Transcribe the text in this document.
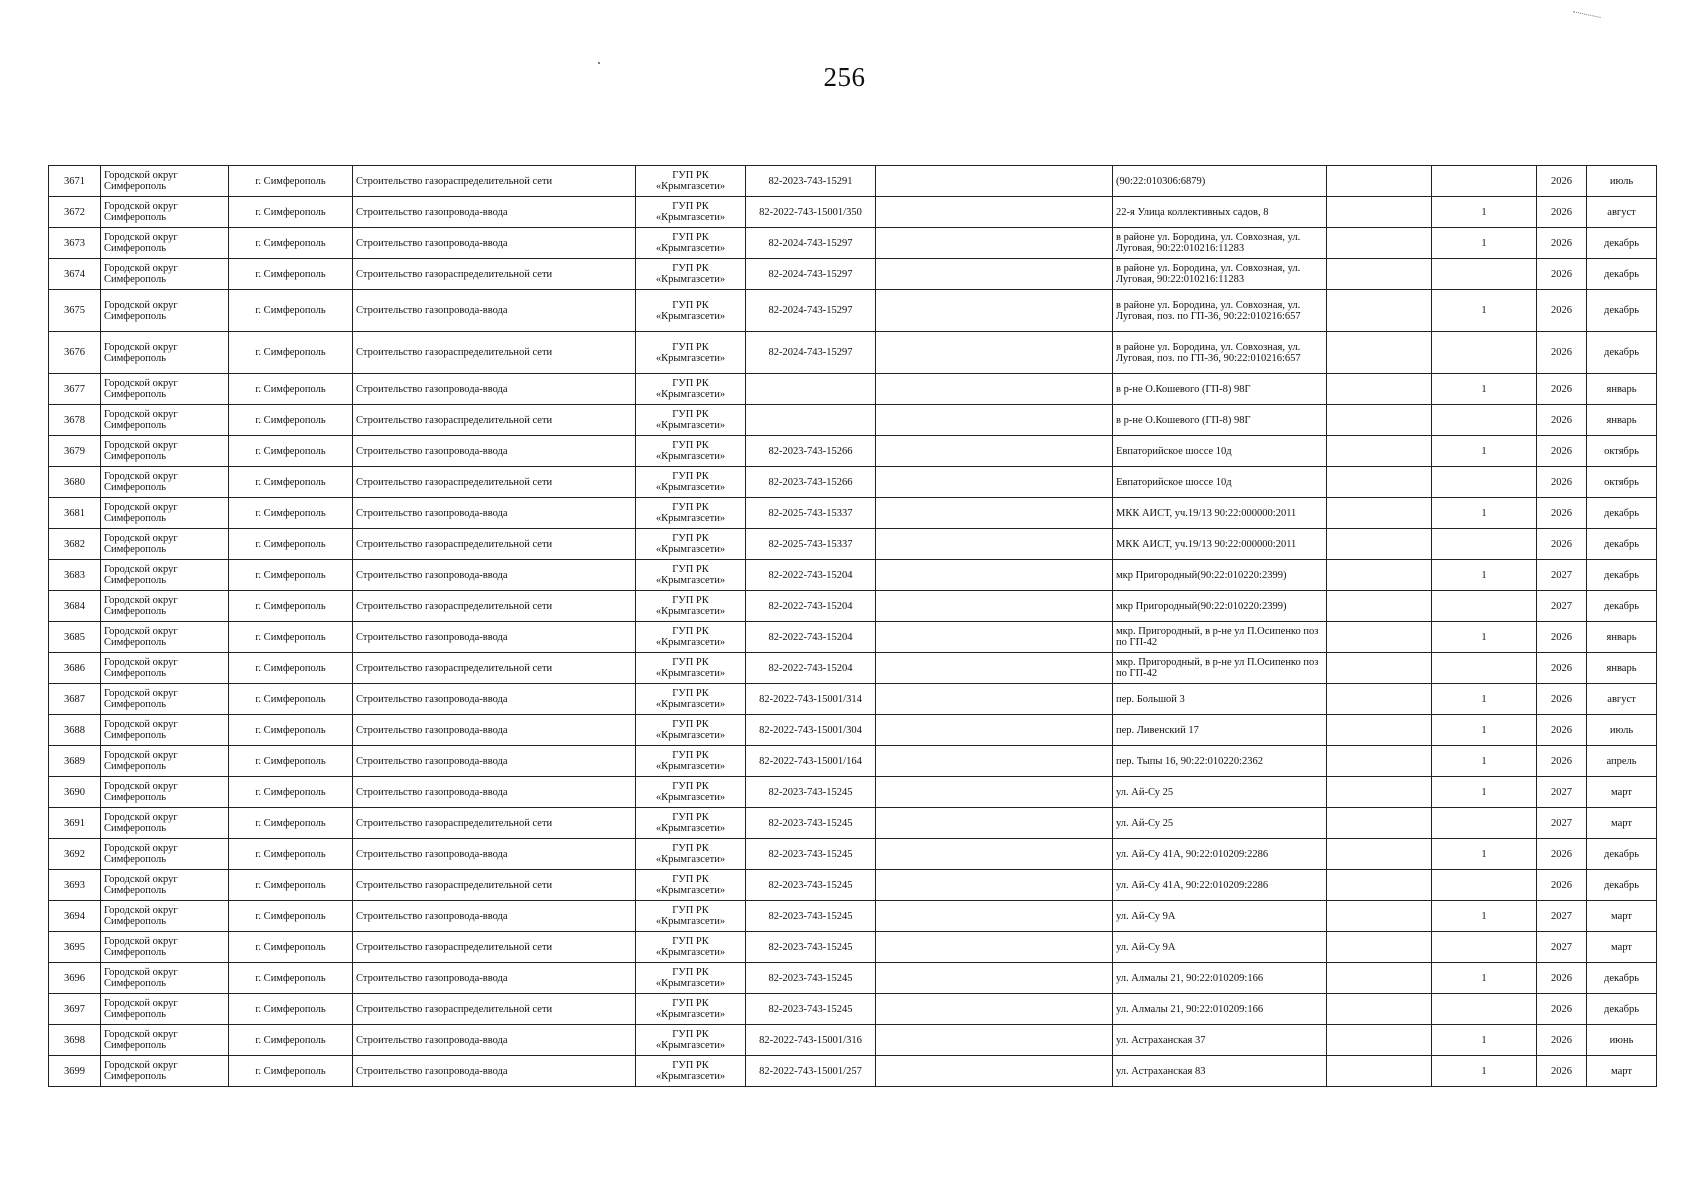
256
3671	Городской округ Симферополь	г. Симферополь	Строительство газораспределительной сети	ГУП РК «Крымгазсети»	82-2023-743-15291		(90:22:010306:6879)			2026	июль
3672	Городской округ Симферополь	г. Симферополь	Строительство газопровода-ввода	ГУП РК «Крымгазсети»	82-2022-743-15001/350		22-я Улица коллективных садов, 8		1	2026	август
3673	Городской округ Симферополь	г. Симферополь	Строительство газопровода-ввода	ГУП РК «Крымгазсети»	82-2024-743-15297		в районе ул. Бородина, ул. Совхозная, ул. Луговая, 90:22:010216:11283		1	2026	декабрь
3674	Городской округ Симферополь	г. Симферополь	Строительство газораспределительной сети	ГУП РК «Крымгазсети»	82-2024-743-15297		в районе ул. Бородина, ул. Совхозная, ул. Луговая, 90:22:010216:11283			2026	декабрь
3675	Городской округ Симферополь	г. Симферополь	Строительство газопровода-ввода	ГУП РК «Крымгазсети»	82-2024-743-15297		в районе ул. Бородина, ул. Совхозная, ул. Луговая, поз. по ГП-36, 90:22:010216:657		1	2026	декабрь
3676	Городской округ Симферополь	г. Симферополь	Строительство газораспределительной сети	ГУП РК «Крымгазсети»	82-2024-743-15297		в районе ул. Бородина, ул. Совхозная, ул. Луговая, поз. по ГП-36, 90:22:010216:657			2026	декабрь
3677	Городской округ Симферополь	г. Симферополь	Строительство газопровода-ввода	ГУП РК «Крымгазсети»			в р-не О.Кошевого (ГП-8) 98Г		1	2026	январь
3678	Городской округ Симферополь	г. Симферополь	Строительство газораспределительной сети	ГУП РК «Крымгазсети»			в р-не О.Кошевого (ГП-8) 98Г			2026	январь
3679	Городской округ Симферополь	г. Симферополь	Строительство газопровода-ввода	ГУП РК «Крымгазсети»	82-2023-743-15266		Евпаторийское шоссе 10д		1	2026	октябрь
3680	Городской округ Симферополь	г. Симферополь	Строительство газораспределительной сети	ГУП РК «Крымгазсети»	82-2023-743-15266		Евпаторийское шоссе 10д			2026	октябрь
3681	Городской округ Симферополь	г. Симферополь	Строительство газопровода-ввода	ГУП РК «Крымгазсети»	82-2025-743-15337		МКК АИСТ, уч.19/13 90:22:000000:2011		1	2026	декабрь
3682	Городской округ Симферополь	г. Симферополь	Строительство газораспределительной сети	ГУП РК «Крымгазсети»	82-2025-743-15337		МКК АИСТ, уч.19/13 90:22:000000:2011			2026	декабрь
3683	Городской округ Симферополь	г. Симферополь	Строительство газопровода-ввода	ГУП РК «Крымгазсети»	82-2022-743-15204		мкр Пригородный(90:22:010220:2399)		1	2027	декабрь
3684	Городской округ Симферополь	г. Симферополь	Строительство газораспределительной сети	ГУП РК «Крымгазсети»	82-2022-743-15204		мкр Пригородный(90:22:010220:2399)			2027	декабрь
3685	Городской округ Симферополь	г. Симферополь	Строительство газопровода-ввода	ГУП РК «Крымгазсети»	82-2022-743-15204		мкр. Пригородный, в р-не ул П.Осипенко поз по ГП-42		1	2026	январь
3686	Городской округ Симферополь	г. Симферополь	Строительство газораспределительной сети	ГУП РК «Крымгазсети»	82-2022-743-15204		мкр. Пригородный, в р-не ул П.Осипенко поз по ГП-42			2026	январь
3687	Городской округ Симферополь	г. Симферополь	Строительство газопровода-ввода	ГУП РК «Крымгазсети»	82-2022-743-15001/314		пер. Большой 3		1	2026	август
3688	Городской округ Симферополь	г. Симферополь	Строительство газопровода-ввода	ГУП РК «Крымгазсети»	82-2022-743-15001/304		пер. Ливенский 17		1	2026	июль
3689	Городской округ Симферополь	г. Симферополь	Строительство газопровода-ввода	ГУП РК «Крымгазсети»	82-2022-743-15001/164		пер. Тыпы 16, 90:22:010220:2362		1	2026	апрель
3690	Городской округ Симферополь	г. Симферополь	Строительство газопровода-ввода	ГУП РК «Крымгазсети»	82-2023-743-15245		ул. Ай-Су 25		1	2027	март
3691	Городской округ Симферополь	г. Симферополь	Строительство газораспределительной сети	ГУП РК «Крымгазсети»	82-2023-743-15245		ул. Ай-Су 25			2027	март
3692	Городской округ Симферополь	г. Симферополь	Строительство газопровода-ввода	ГУП РК «Крымгазсети»	82-2023-743-15245		ул. Ай-Су 41А, 90:22:010209:2286		1	2026	декабрь
3693	Городской округ Симферополь	г. Симферополь	Строительство газораспределительной сети	ГУП РК «Крымгазсети»	82-2023-743-15245		ул. Ай-Су 41А, 90:22:010209:2286			2026	декабрь
3694	Городской округ Симферополь	г. Симферополь	Строительство газопровода-ввода	ГУП РК «Крымгазсети»	82-2023-743-15245		ул. Ай-Су 9А		1	2027	март
3695	Городской округ Симферополь	г. Симферополь	Строительство газораспределительной сети	ГУП РК «Крымгазсети»	82-2023-743-15245		ул. Ай-Су 9А			2027	март
3696	Городской округ Симферополь	г. Симферополь	Строительство газопровода-ввода	ГУП РК «Крымгазсети»	82-2023-743-15245		ул. Алмалы 21, 90:22:010209:166		1	2026	декабрь
3697	Городской округ Симферополь	г. Симферополь	Строительство газораспределительной сети	ГУП РК «Крымгазсети»	82-2023-743-15245		ул. Алмалы 21, 90:22:010209:166			2026	декабрь
3698	Городской округ Симферополь	г. Симферополь	Строительство газопровода-ввода	ГУП РК «Крымгазсети»	82-2022-743-15001/316		ул. Астраханская 37		1	2026	июнь
3699	Городской округ Симферополь	г. Симферополь	Строительство газопровода-ввода	ГУП РК «Крымгазсети»	82-2022-743-15001/257		ул. Астраханская 83		1	2026	март
